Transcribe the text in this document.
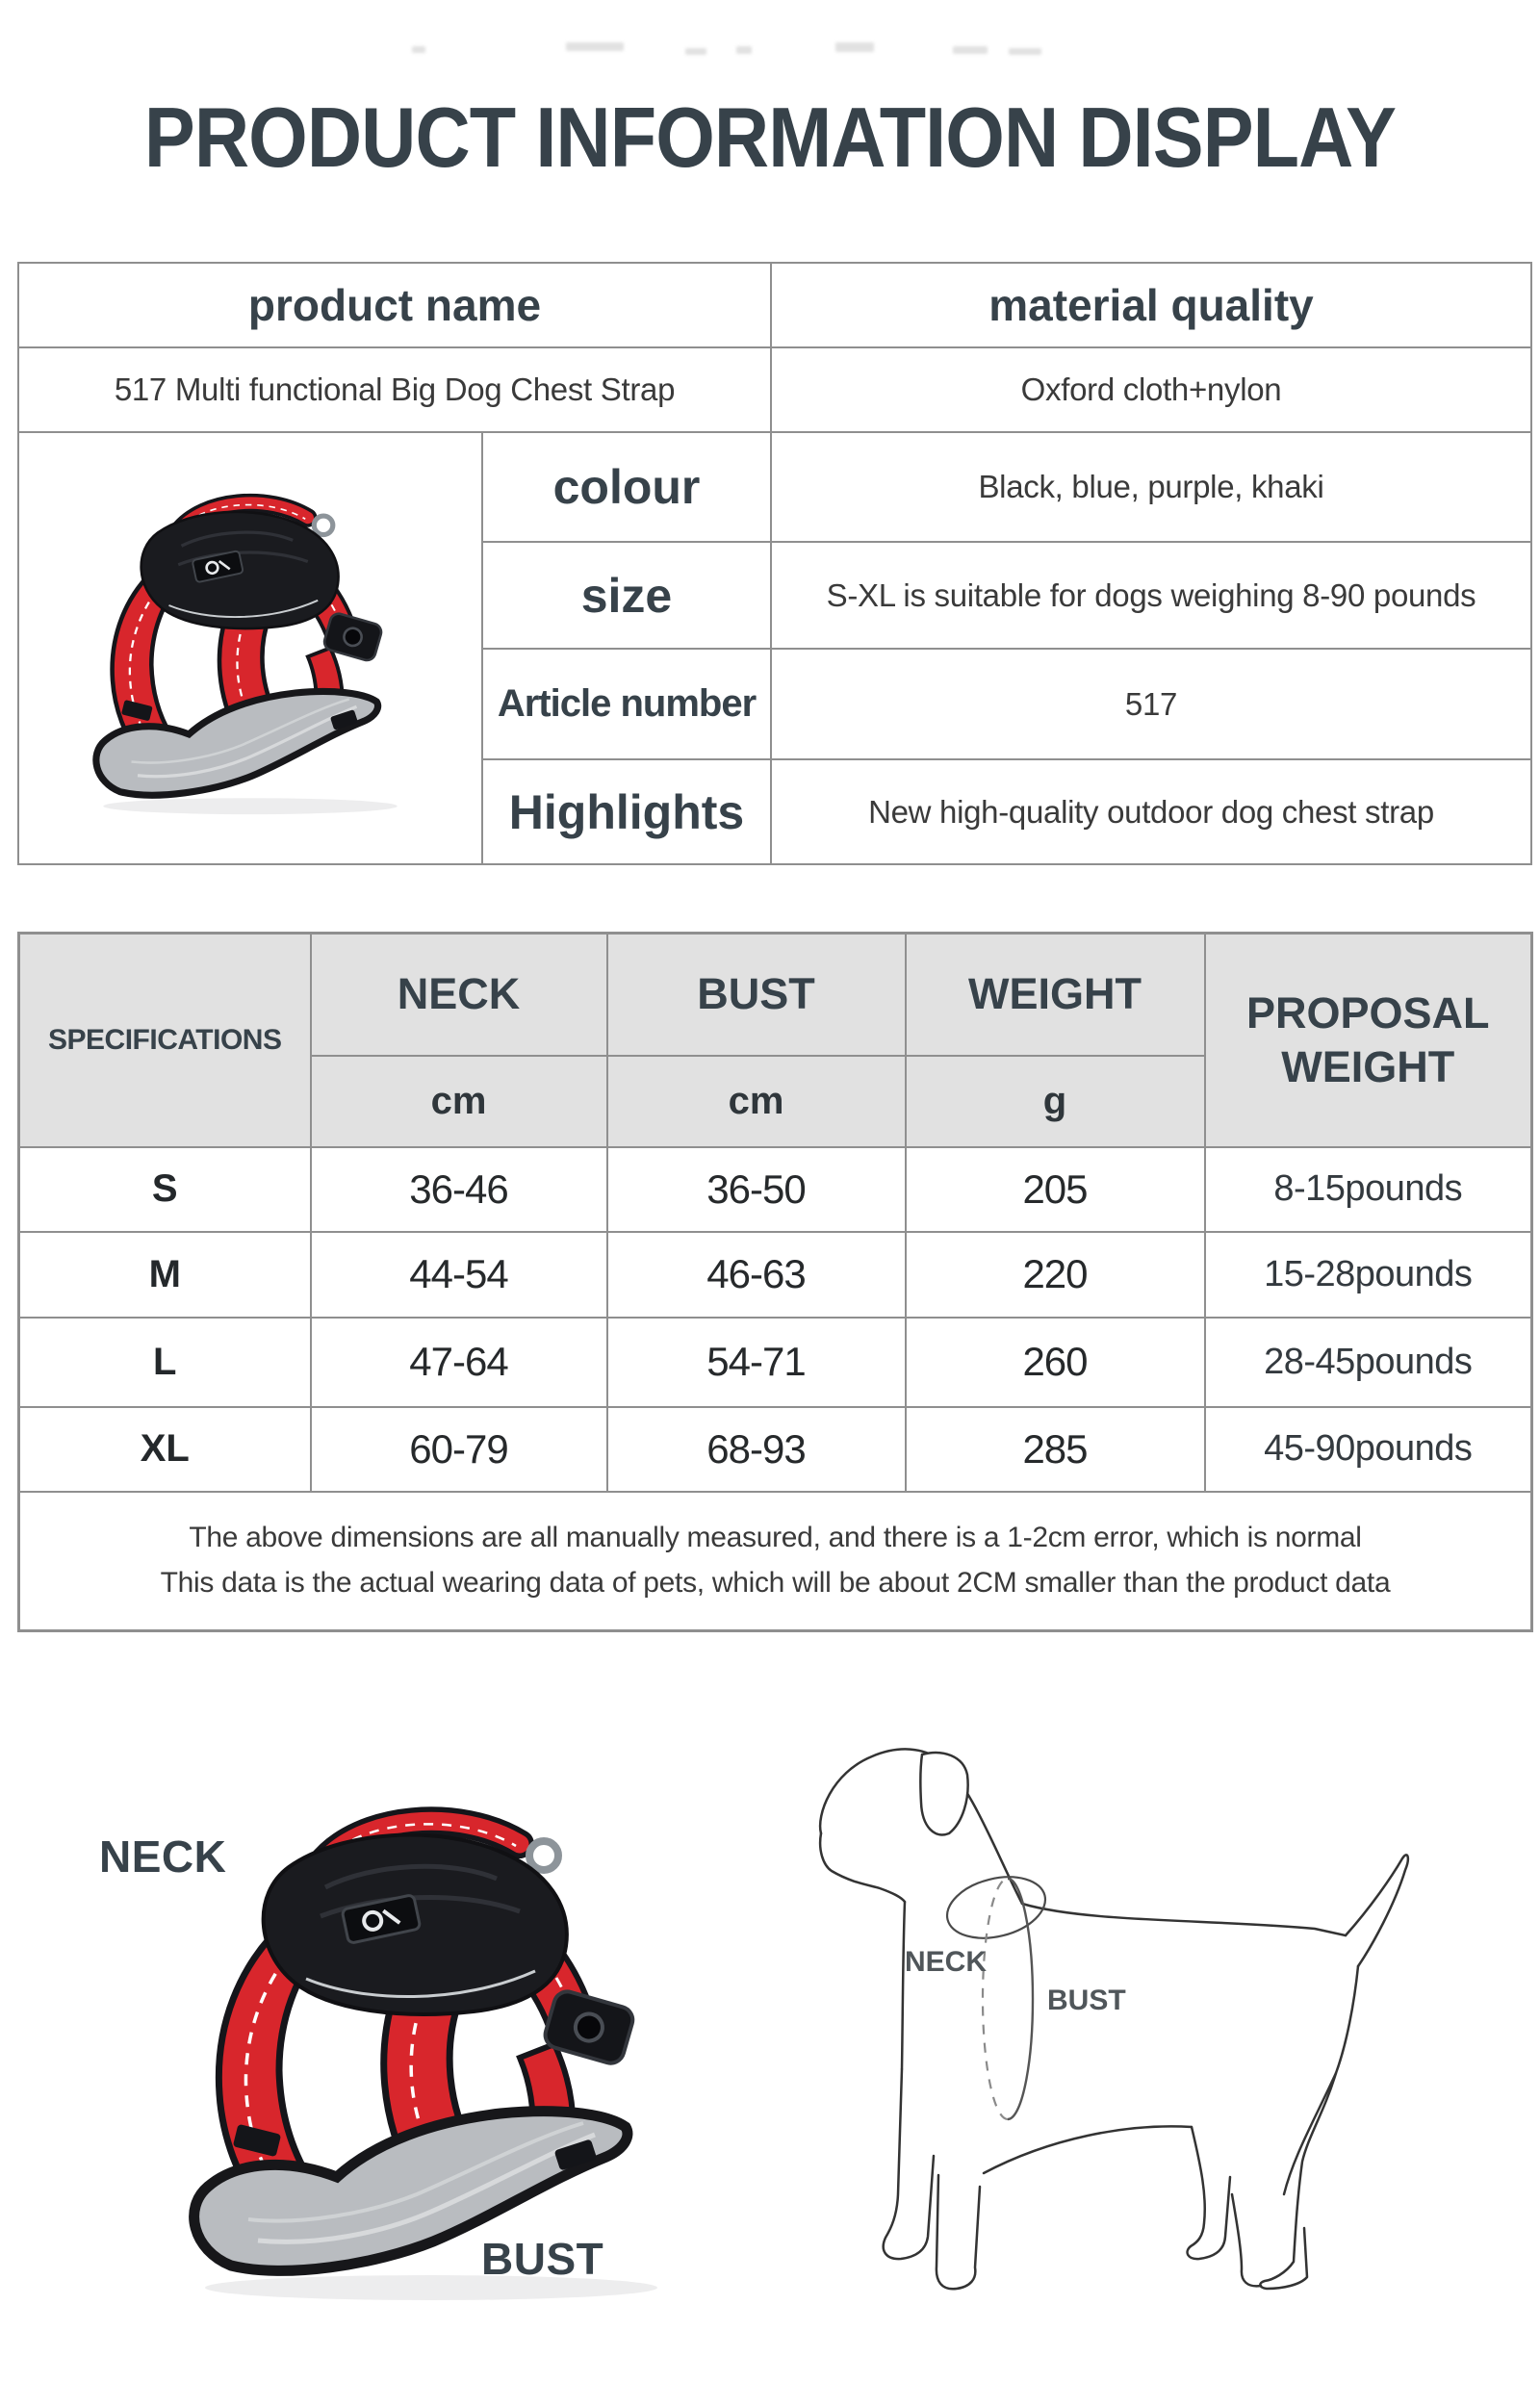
PRODUCT INFORMATION DISPLAY
product name		material quality
517 Multi functional Big Dog Chest Strap		Oxford cloth+nylon

	colour	Black, blue, purple, khaki
	size	S-XL is suitable for dogs weighing 8-90 pounds
	Article number	517
	Highlights	New high-quality outdoor dog chest strap
SPECIFICATIONS	NECK	BUST	WEIGHT	PROPOSAL WEIGHT
	cm	cm	g	
S	36-46	36-50	205	8-15pounds
M	44-54	46-63	220	15-28pounds
L	47-64	54-71	260	28-45pounds
XL	60-79	68-93	285	45-90pounds

The above dimensions are all manually measured, and there is a 1-2cm error, which is normal
This data is the actual wearing data of pets, which will be about 2CM smaller than the product data				
NECK
BUST
NECK
BUST
